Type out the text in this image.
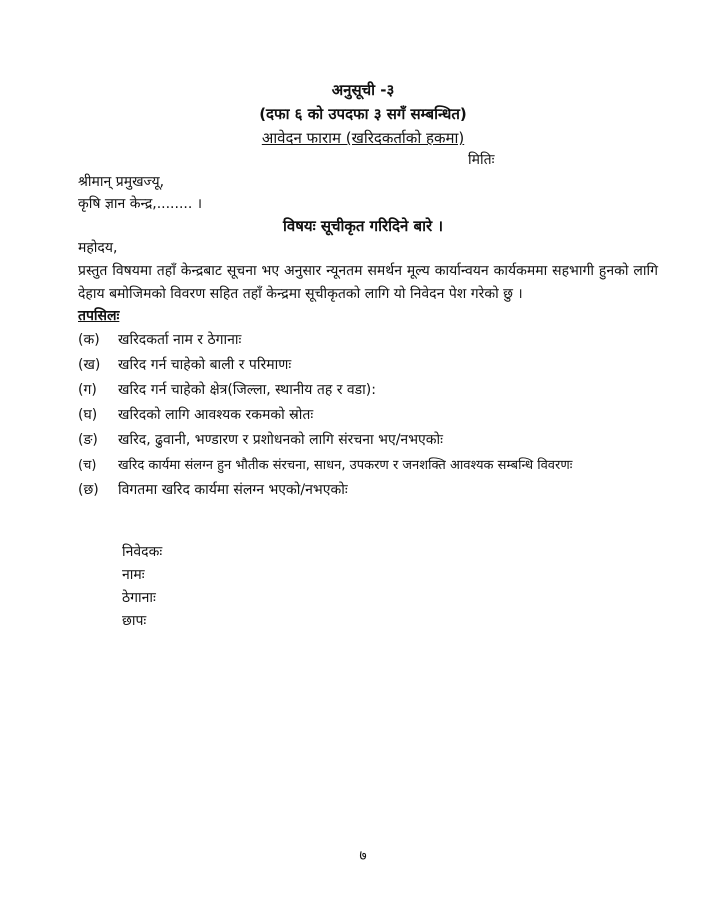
अनुसूची -३
(दफा ६ को उपदफा ३ सगँ सम्बन्धित)
आवेदन फाराम (खरिदकर्ताको हकमा)
मितिः
श्रीमान् प्रमुखज्यू,
कृषि ज्ञान केन्द्र,........ ।
विषयः सूचीकृत गरिदिने बारे ।
महोदय,
प्रस्तुत विषयमा तहाँ केन्द्रबाट सूचना भए अनुसार न्यूनतम समर्थन मूल्य कार्यान्वयन कार्यकममा सहभागी हुनको लागि देहाय बमोजिमको विवरण सहित तहाँ केन्द्रमा सूचीकृतको लागि यो निवेदन पेश गरेको छु ।
तपसिलः
(क) खरिदकर्ता नाम र ठेगानाः
(ख) खरिद गर्न चाहेको बाली र परिमाणः
(ग) खरिद गर्न चाहेको क्षेत्र(जिल्ला, स्थानीय तह र वडा):
(घ) खरिदको लागि आवश्यक रकमको स्रोतः
(ङ) खरिद, ढुवानी, भण्डारण र प्रशोधनको लागि संरचना भए/नभएकोः
(च) खरिद कार्यमा संलग्न हुन भौतीक संरचना, साधन, उपकरण र जनशक्ति आवश्यक सम्बन्धि विवरणः
(छ) विगतमा खरिद कार्यमा संलग्न भएको/नभएकोः
निवेदकः
नामः
ठेगानाः
छापः
७
